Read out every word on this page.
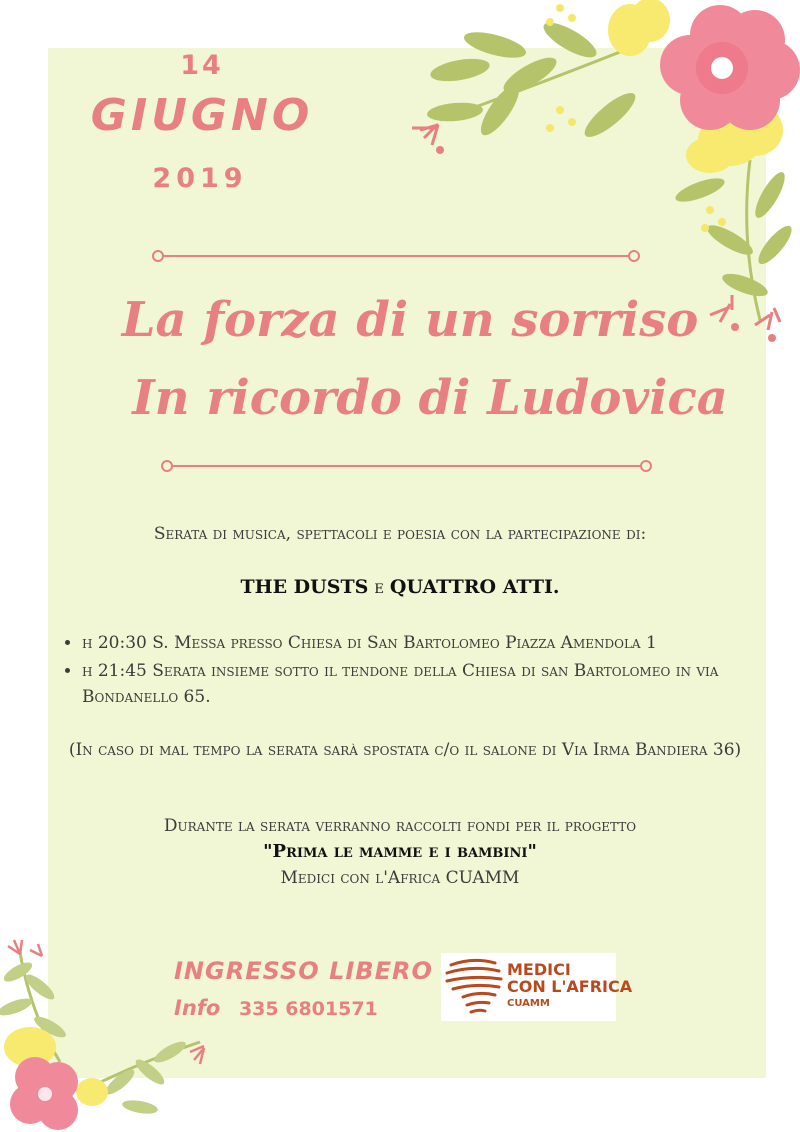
14
GIUGNO
2019
La forza di un sorriso
In ricordo di Ludovica
Serata di musica, spettacoli e poesia con la partecipazione di:
THE DUSTS e QUATTRO ATTI.
• h 20:30 S. Messa presso Chiesa di San Bartolomeo Piazza Amendola 1
• h 21:45 Serata insieme sotto il tendone della Chiesa di san Bartolomeo in via Bondanello 65.
(In caso di mal tempo la serata sarà spostata c/o il salone di Via Irma Bandiera 36)
Durante la serata verranno raccolti fondi per il progetto
"Prima le mamme e i bambini"
Medici con l'Africa CUAMM
INGRESSO LIBERO
Info 335 6801571
MEDICI
CON L'AFRICA
CUAMM
